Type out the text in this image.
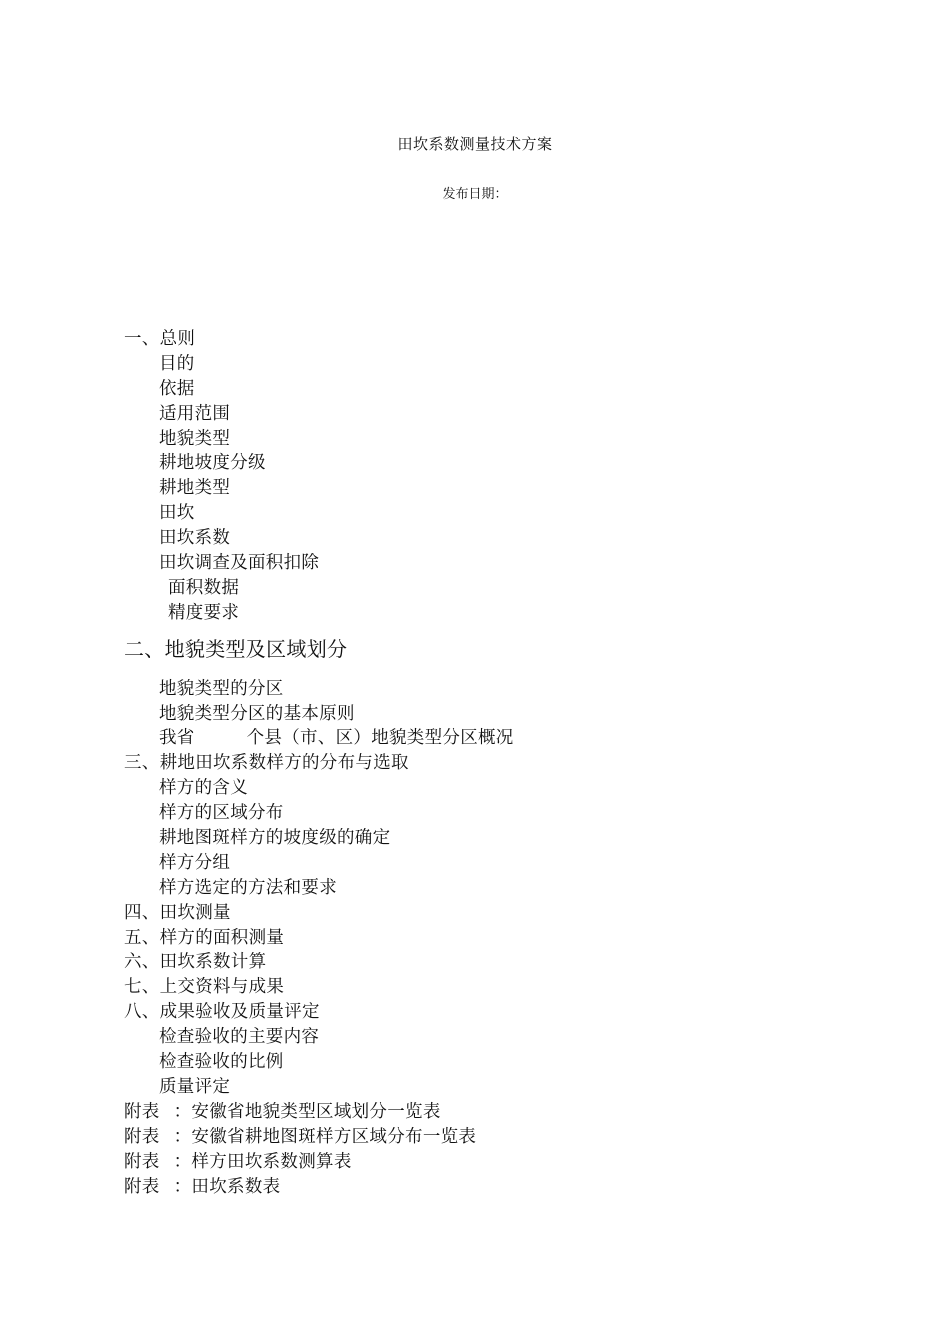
田坎系数测量技术方案
发布日期：
一、总则
目的
依据
适用范围
地貌类型
耕地坡度分级
耕地类型
田坎
田坎系数
田坎调查及面积扣除
面积数据
精度要求
二、地貌类型及区域划分
地貌类型的分区
地貌类型分区的基本原则
我省	个县（市、区）地貌类型分区概况
三、耕地田坎系数样方的分布与选取
样方的含义
样方的区域分布
耕地图斑样方的坡度级的确定
样方分组
样方选定的方法和要求
四、田坎测量
五、样方的面积测量
六、田坎系数计算
七、上交资料与成果
八、成果验收及质量评定
检查验收的主要内容
检查验收的比例
质量评定
附表 ：安徽省地貌类型区域划分一览表
附表 ：安徽省耕地图斑样方区域分布一览表
附表 ：样方田坎系数测算表
附表 ：田坎系数表
